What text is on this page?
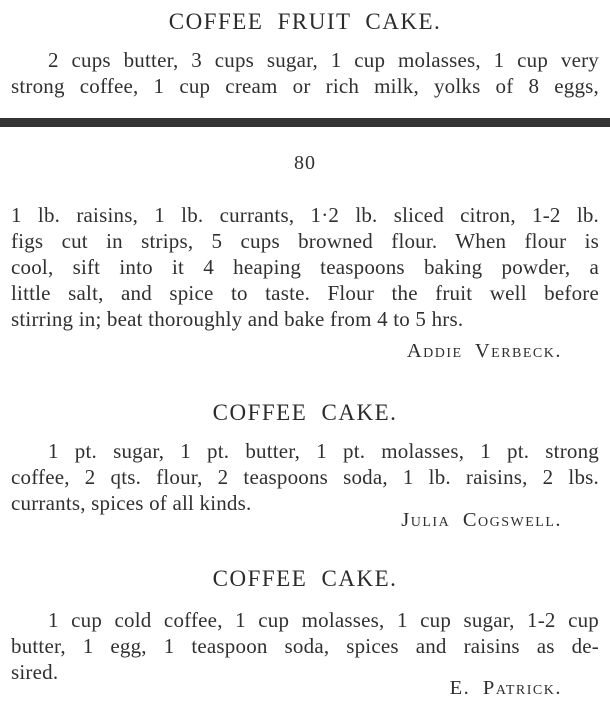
COFFEE FRUIT CAKE.
2 cups butter, 3 cups sugar, 1 cup molasses, 1 cup very
strong coffee, 1 cup cream or rich milk, yolks of 8 eggs,
80
1 lb. raisins, 1 lb. currants, 1·2 lb. sliced citron, 1-2 lb.
figs cut in strips, 5 cups browned flour. When flour is
cool, sift into it 4 heaping teaspoons baking powder, a
little salt, and spice to taste. Flour the fruit well before
stirring in; beat thoroughly and bake from 4 to 5 hrs.
Addie Verbeck.
COFFEE CAKE.
1 pt. sugar, 1 pt. butter, 1 pt. molasses, 1 pt. strong
coffee, 2 qts. flour, 2 teaspoons soda, 1 lb. raisins, 2 lbs.
currants, spices of all kinds.
Julia Cogswell.
COFFEE CAKE.
1 cup cold coffee, 1 cup molasses, 1 cup sugar, 1-2 cup
butter, 1 egg, 1 teaspoon soda, spices and raisins as de-
sired.
E. Patrick.
